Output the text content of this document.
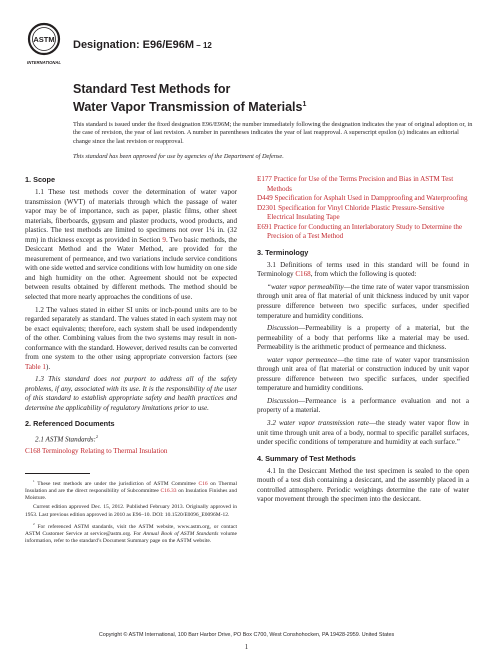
ASTM
INTERNATIONAL
Designation: E96/E96M – 12
Standard Test Methods for
Water Vapor Transmission of Materials$^1$
This standard is issued under the fixed designation E96/E96M; the number immediately following the designation indicates the year of original adoption or, in the case of revision, the year of last revision. A number in parentheses indicates the year of last reapproval. A superscript epsilon (ε) indicates an editorial change since the last revision or reapproval.
This standard has been approved for use by agencies of the Department of Defense.
1. Scope

1.1 These test methods cover the determination of water vapor transmission (WVT) of materials through which the passage of water vapor may be of importance, such as paper, plastic films, other sheet materials, fiberboards, gypsum and plaster products, wood products, and plastics. The test methods are limited to specimens not over 1¼ in. (32 mm) in thickness except as provided in Section 9. Two basic methods, the Desiccant Method and the Water Method, are provided for the measurement of permeance, and two variations include service conditions with one side wetted and service conditions with low humidity on one side and high humidity on the other. Agreement should not be expected between results obtained by different methods. The method should be selected that more nearly approaches the conditions of use.

1.2 The values stated in either SI units or inch-pound units are to be regarded separately as standard. The values stated in each system may not be exact equivalents; therefore, each system shall be used independently of the other. Combining values from the two systems may result in non-conformance with the standard. However, derived results can be converted from one system to the other using appropriate conversion factors (see Table 1).

1.3 This standard does not purport to address all of the safety problems, if any, associated with its use. It is the responsibility of the user of this standard to establish appropriate safety and health practices and determine the applicability of regulatory limitations prior to use.

2. Referenced Documents

2.1 ASTM Standards:$^2$

C168 Terminology Relating to Thermal Insulation
E177 Practice for Use of the Terms Precision and Bias in ASTM Test Methods
D449 Specification for Asphalt Used in Dampproofing and Waterproofing
D2301 Specification for Vinyl Chloride Plastic Pressure-Sensitive Electrical Insulating Tape
E691 Practice for Conducting an Interlaboratory Study to Determine the Precision of a Test Method
3. Terminology

3.1 Definitions of terms used in this standard will be found in Terminology C168, from which the following is quoted:

“water vapor permeability—the time rate of water vapor transmission through unit area of flat material of unit thickness induced by unit vapor pressure difference between two specific surfaces, under specified temperature and humidity conditions.

Discussion—Permeability is a property of a material, but the permeability of a body that performs like a material may be used. Permeability is the arithmetic product of permeance and thickness.

water vapor permeance—the time rate of water vapor transmission through unit area of flat material or construction induced by unit vapor pressure difference between two specific surfaces, under specified temperature and humidity conditions.

Discussion—Permeance is a performance evaluation and not a property of a material.

3.2 water vapor transmission rate—the steady water vapor flow in unit time through unit area of a body, normal to specific parallel surfaces, under specific conditions of temperature and humidity at each surface.”

4. Summary of Test Methods

4.1 In the Desiccant Method the test specimen is sealed to the open mouth of a test dish containing a desiccant, and the assembly placed in a controlled atmosphere. Periodic weighings determine the rate of water vapor movement through the specimen into the desiccant.

$^1$ These test methods are under the jurisdiction of ASTM Committee C16 on Thermal Insulation and are the direct responsibility of Subcommittee C16.33 on Insulation Finishes and Moisture.

Current edition approved Dec. 15, 2012. Published February 2013. Originally approved in 1953. Last previous edition approved in 2010 as E96–10. DOI: 10.1520/E0096_E0096M-12.

$^2$ For referenced ASTM standards, visit the ASTM website, www.astm.org, or contact ASTM Customer Service at service@astm.org. For Annual Book of ASTM Standards volume information, refer to the standard’s Document Summary page on the ASTM website.

Copyright © ASTM International, 100 Barr Harbor Drive, PO Box C700, West Conshohocken, PA 19428-2959. United States
1
